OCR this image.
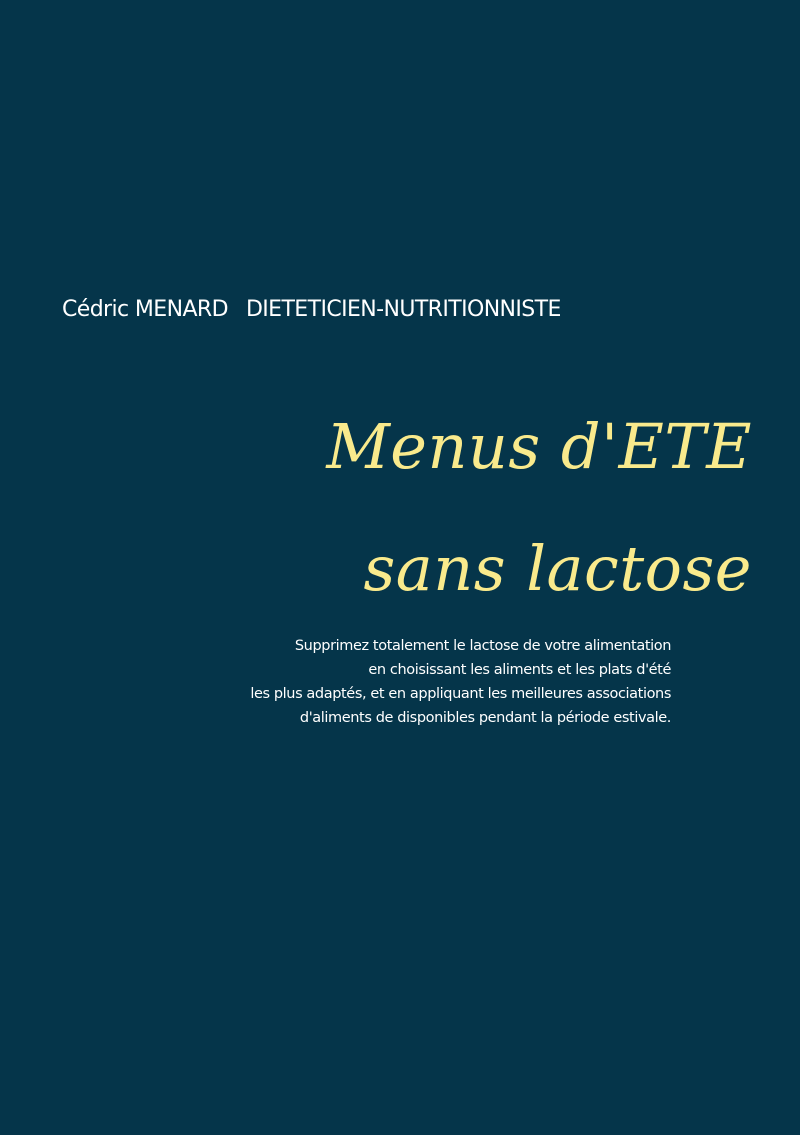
Cédric MENARD DIETETICIEN-NUTRITIONNISTE
Menus d'ETE
sans lactose
Supprimez totalement le lactose de votre alimentation
en choisissant les aliments et les plats d'été
les plus adaptés, et en appliquant les meilleures associations
d'aliments de disponibles pendant la période estivale.
